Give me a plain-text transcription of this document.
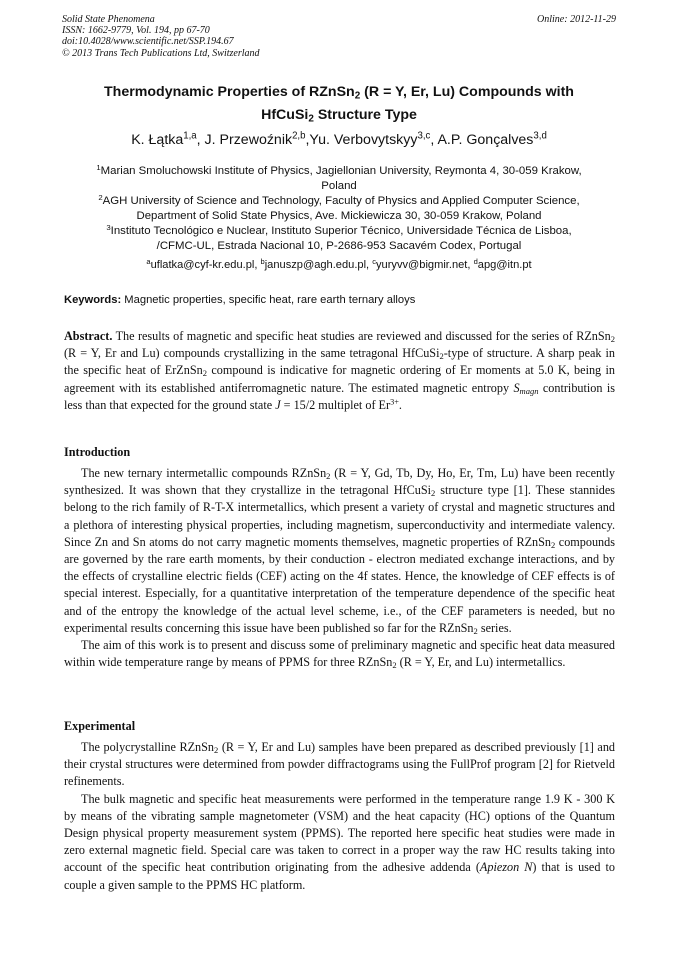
Solid State Phenomena
ISSN: 1662-9779, Vol. 194, pp 67-70
doi:10.4028/www.scientific.net/SSP.194.67
© 2013 Trans Tech Publications Ltd, Switzerland
Online: 2012-11-29
Thermodynamic Properties of RZnSn$_2$ (R = Y, Er, Lu) Compounds with
HfCuSi$_2$ Structure Type
K. Łątka$^{1,a}$, J. Przewoźnik$^{2,b}$,Yu. Verbovytskyy$^{3,c}$, A.P. Gonçalves$^{3,d}$
$^1$Marian Smoluchowski Institute of Physics, Jagiellonian University, Reymonta 4, 30-059 Krakow,
Poland
$^2$AGH University of Science and Technology, Faculty of Physics and Applied Computer Science,
Department of Solid State Physics, Ave. Mickiewicza 30, 30-059 Krakow, Poland
$^3$Instituto Tecnológico e Nuclear, Instituto Superior Técnico, Universidade Técnica de Lisboa,
/CFMC-UL, Estrada Nacional 10, P-2686-953 Sacavém Codex, Portugal
$^a$uflatka@cyf-kr.edu.pl, $^b$januszp@agh.edu.pl, $^c$yuryvv@bigmir.net, $^d$apg@itn.pt
Keywords: Magnetic properties, specific heat, rare earth ternary alloys

Abstract. The results of magnetic and specific heat studies are reviewed and discussed for the series of RZnSn$_2$ (R = Y, Er and Lu) compounds crystallizing in the same tetragonal HfCuSi$_2$-type of structure. A sharp peak in the specific heat of ErZnSn$_2$ compound is indicative for magnetic ordering of Er moments at 5.0 K, being in agreement with its established antiferromagnetic nature. The estimated magnetic entropy $S_{magn}$ contribution is less than that expected for the ground state J = 15/2 multiplet of $Er^{3+}$.

Introduction

The new ternary intermetallic compounds RZnSn$_2$ (R = Y, Gd, Tb, Dy, Ho, Er, Tm, Lu) have been recently synthesized. It was shown that they crystallize in the tetragonal HfCuSi$_2$ structure type [1]. These stannides belong to the rich family of R-T-X intermetallics, which present a variety of crystal and magnetic structures and a plethora of interesting physical properties, including magnetism, superconductivity and intermediate valency. Since Zn and Sn atoms do not carry magnetic moments themselves, magnetic properties of RZnSn$_2$ compounds are governed by the rare earth moments, by their conduction - electron mediated exchange interactions, and by the effects of crystalline electric fields (CEF) acting on the 4f states. Hence, the knowledge of CEF effects is of special interest. Especially, for a quantitative interpretation of the temperature dependence of the specific heat and of the entropy the knowledge of the actual level scheme, i.e., of the CEF parameters is needed, but no experimental results concerning this issue have been published so far for the RZnSn$_2$ series.

The aim of this work is to present and discuss some of preliminary magnetic and specific heat data measured within wide temperature range by means of PPMS for three RZnSn$_2$ (R = Y, Er, and Lu) intermetallics.

Experimental

The polycrystalline RZnSn$_2$ (R = Y, Er and Lu) samples have been prepared as described previously [1] and their crystal structures were determined from powder diffractograms using the FullProf program [2] for Rietveld refinements.

The bulk magnetic and specific heat measurements were performed in the temperature range 1.9 K - 300 K by means of the vibrating sample magnetometer (VSM) and the heat capacity (HC) options of the Quantum Design physical property measurement system (PPMS). The reported here specific heat studies were made in zero external magnetic field. Special care was taken to correct in a proper way the raw HC results taking into account of the specific heat contribution originating from the adhesive addenda (Apiezon N) that is used to couple a given sample to the PPMS HC platform.
